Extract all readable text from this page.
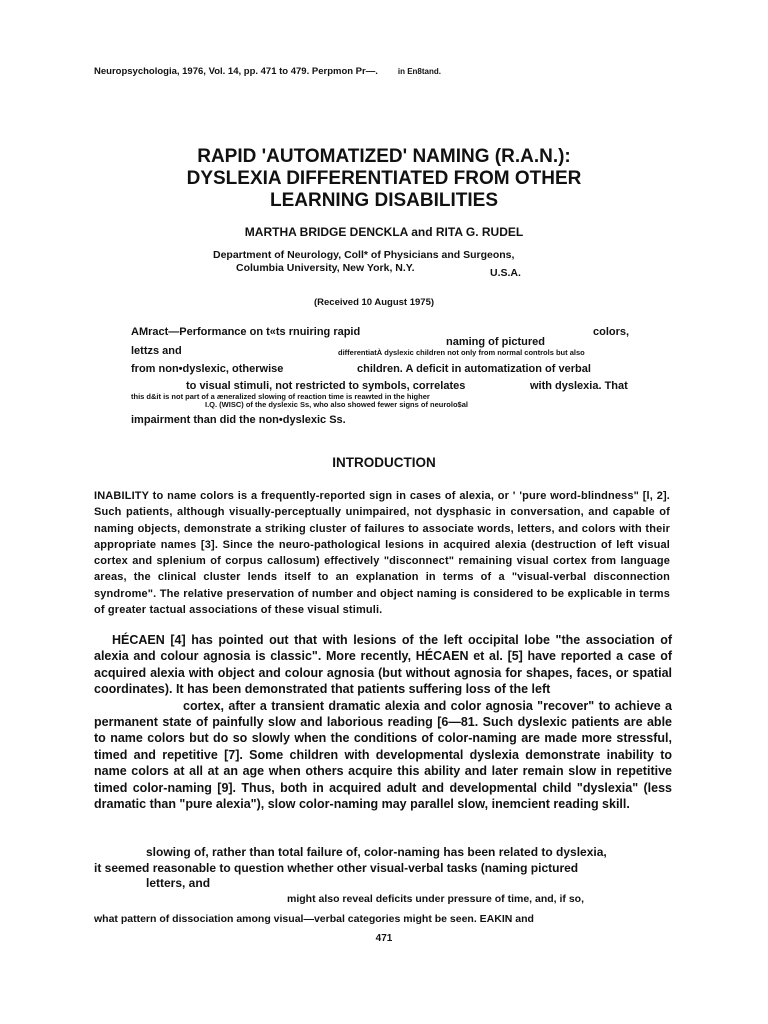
Neuropsychologia, 1976, Vol. 14, pp. 471 to 479. Perpmon Pr—.	in En8tand.
RAPID 'AUTOMATIZED' NAMING (R.A.N.):
DYSLEXIA DIFFERENTIATED FROM OTHER
LEARNING DISABILITIES
MARTHA BRIDGE DENCKLA and RITA G. RUDEL
Department of Neurology, Coll* of Physicians and Surgeons,
Columbia University, New York, N.Y.	U.S.A.
(Received 10 August 1975)
AMract—Performance on t«ts rnuiring rapid
naming of pictured
colors,
lettzs and	differentiatÀ dyslexic children not only from normal controls but also
from non•dyslexic, otherwise	children. A deficit in automatization of verbal
to visual stimuli, not restricted to symbols, correlates	with dyslexia. That
this d&it is not part of a æneralized slowing of reaction time is reawted in the higher
I.Q. (WISC) of the dyslexic Ss, who also showed fewer signs of neurolo$al
impairment than did the non•dyslexic Ss.
INTRODUCTION
INABILITY to name colors is a frequently-reported sign in cases of alexia, or ' 'pure word-blindness" [l, 2]. Such patients, although visually-perceptually unimpaired, not dysphasic in conversation, and capable of naming objects, demonstrate a striking cluster of failures to associate words, letters, and colors with their appropriate names [3]. Since the neuro-pathological lesions in acquired alexia (destruction of left visual cortex and splenium of corpus callosum) effectively "disconnect" remaining visual cortex from language areas, the clinical cluster lends itself to an explanation in terms of a "visual-verbal disconnection syndrome". The relative preservation of number and object naming is considered to be explicable in terms of greater tactual associations of these visual stimuli.
HÉCAEN [4] has pointed out that with lesions of the left occipital lobe "the association of alexia and colour agnosia is classic". More recently, HÉCAEN et al. [5] have reported a case of acquired alexia with object and colour agnosia (but without agnosia for shapes, faces, or spatial coordinates). It has been demonstrated that patients suffering loss of the left
cortex, after a transient dramatic alexia and color agnosia "recover" to achieve a permanent state of painfully slow and laborious reading [6—81. Such dyslexic patients are able to name colors but do so slowly when the conditions of color-naming are made more stressful, timed and repetitive [7]. Some children with developmental dyslexia demonstrate inability to name colors at all at an age when others acquire this ability and later remain slow in repetitive timed color-naming [9]. Thus, both in acquired adult and developmental child "dyslexia" (less dramatic than "pure alexia"), slow color-naming may parallel slow, inemcient reading skill.
slowing of, rather than total failure of, color-naming has been related to dyslexia,
it seemed reasonable to question whether other visual-verbal tasks (naming pictured
letters, and
might also reveal deficits under pressure of time, and, if so,
what pattern of dissociation among visual—verbal categories might be seen. EAKIN and
471
